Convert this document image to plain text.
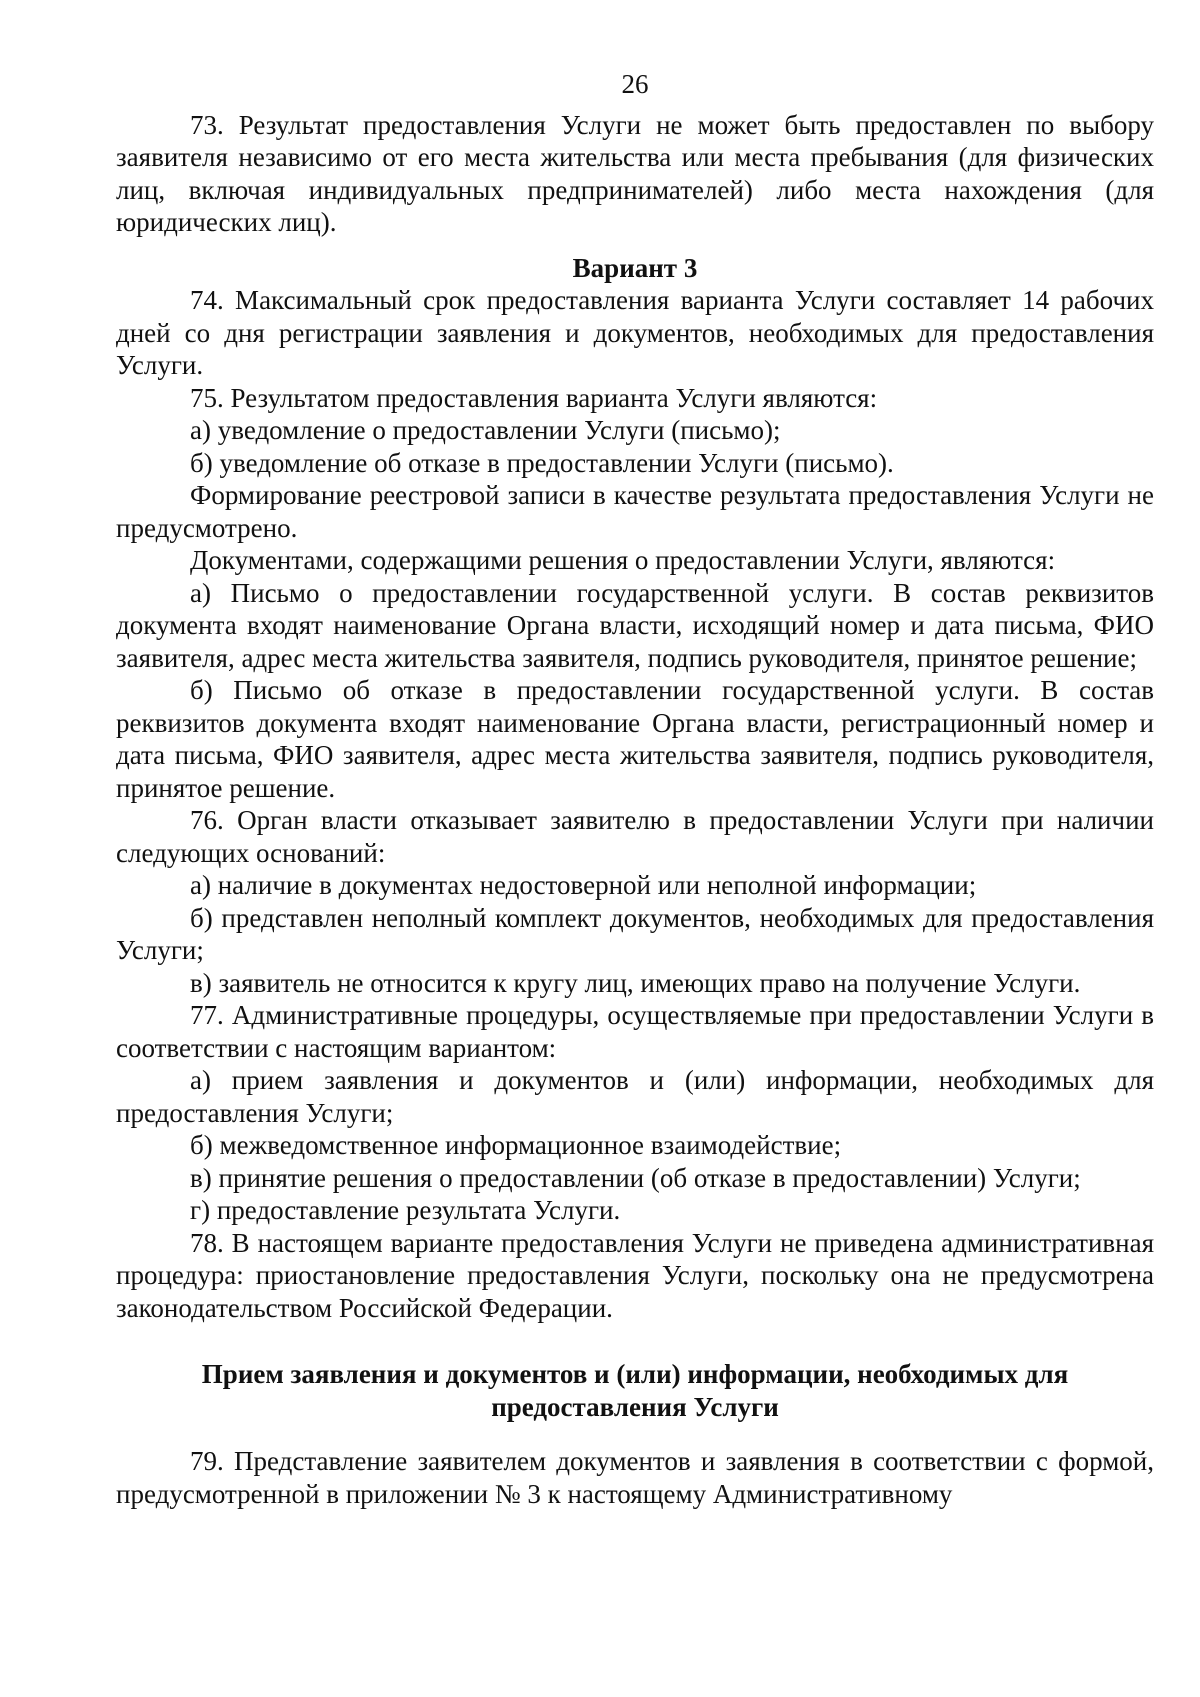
26

73. Результат предоставления Услуги не может быть предоставлен по выбору заявителя независимо от его места жительства или места пребывания (для физических лиц, включая индивидуальных предпринимателей) либо места нахождения (для юридических лиц).

Вариант 3

74. Максимальный срок предоставления варианта Услуги составляет 14 рабочих дней со дня регистрации заявления и документов, необходимых для предоставления Услуги.

75. Результатом предоставления варианта Услуги являются:

а) уведомление о предоставлении Услуги (письмо);

б) уведомление об отказе в предоставлении Услуги (письмо).

Формирование реестровой записи в качестве результата предоставления Услуги не предусмотрено.

Документами, содержащими решения о предоставлении Услуги, являются:

а) Письмо о предоставлении государственной услуги. В состав реквизитов документа входят наименование Органа власти, исходящий номер и дата письма, ФИО заявителя, адрес места жительства заявителя, подпись руководителя, принятое решение;

б) Письмо об отказе в предоставлении государственной услуги. В состав реквизитов документа входят наименование Органа власти, регистрационный номер и дата письма, ФИО заявителя, адрес места жительства заявителя, подпись руководителя, принятое решение.

76. Орган власти отказывает заявителю в предоставлении Услуги при наличии следующих оснований:

а) наличие в документах недостоверной или неполной информации;

б) представлен неполный комплект документов, необходимых для предоставления Услуги;

в) заявитель не относится к кругу лиц, имеющих право на получение Услуги.

77. Административные процедуры, осуществляемые при предоставлении Услуги в соответствии с настоящим вариантом:

а) прием заявления и документов и (или) информации, необходимых для предоставления Услуги;

б) межведомственное информационное взаимодействие;

в) принятие решения о предоставлении (об отказе в предоставлении) Услуги;

г) предоставление результата Услуги.

78. В настоящем варианте предоставления Услуги не приведена административная процедура: приостановление предоставления Услуги, поскольку она не предусмотрена законодательством Российской Федерации.

Прием заявления и документов и (или) информации, необходимых для предоставления Услуги

79. Представление заявителем документов и заявления в соответствии с формой, предусмотренной в приложении № 3 к настоящему Административному
